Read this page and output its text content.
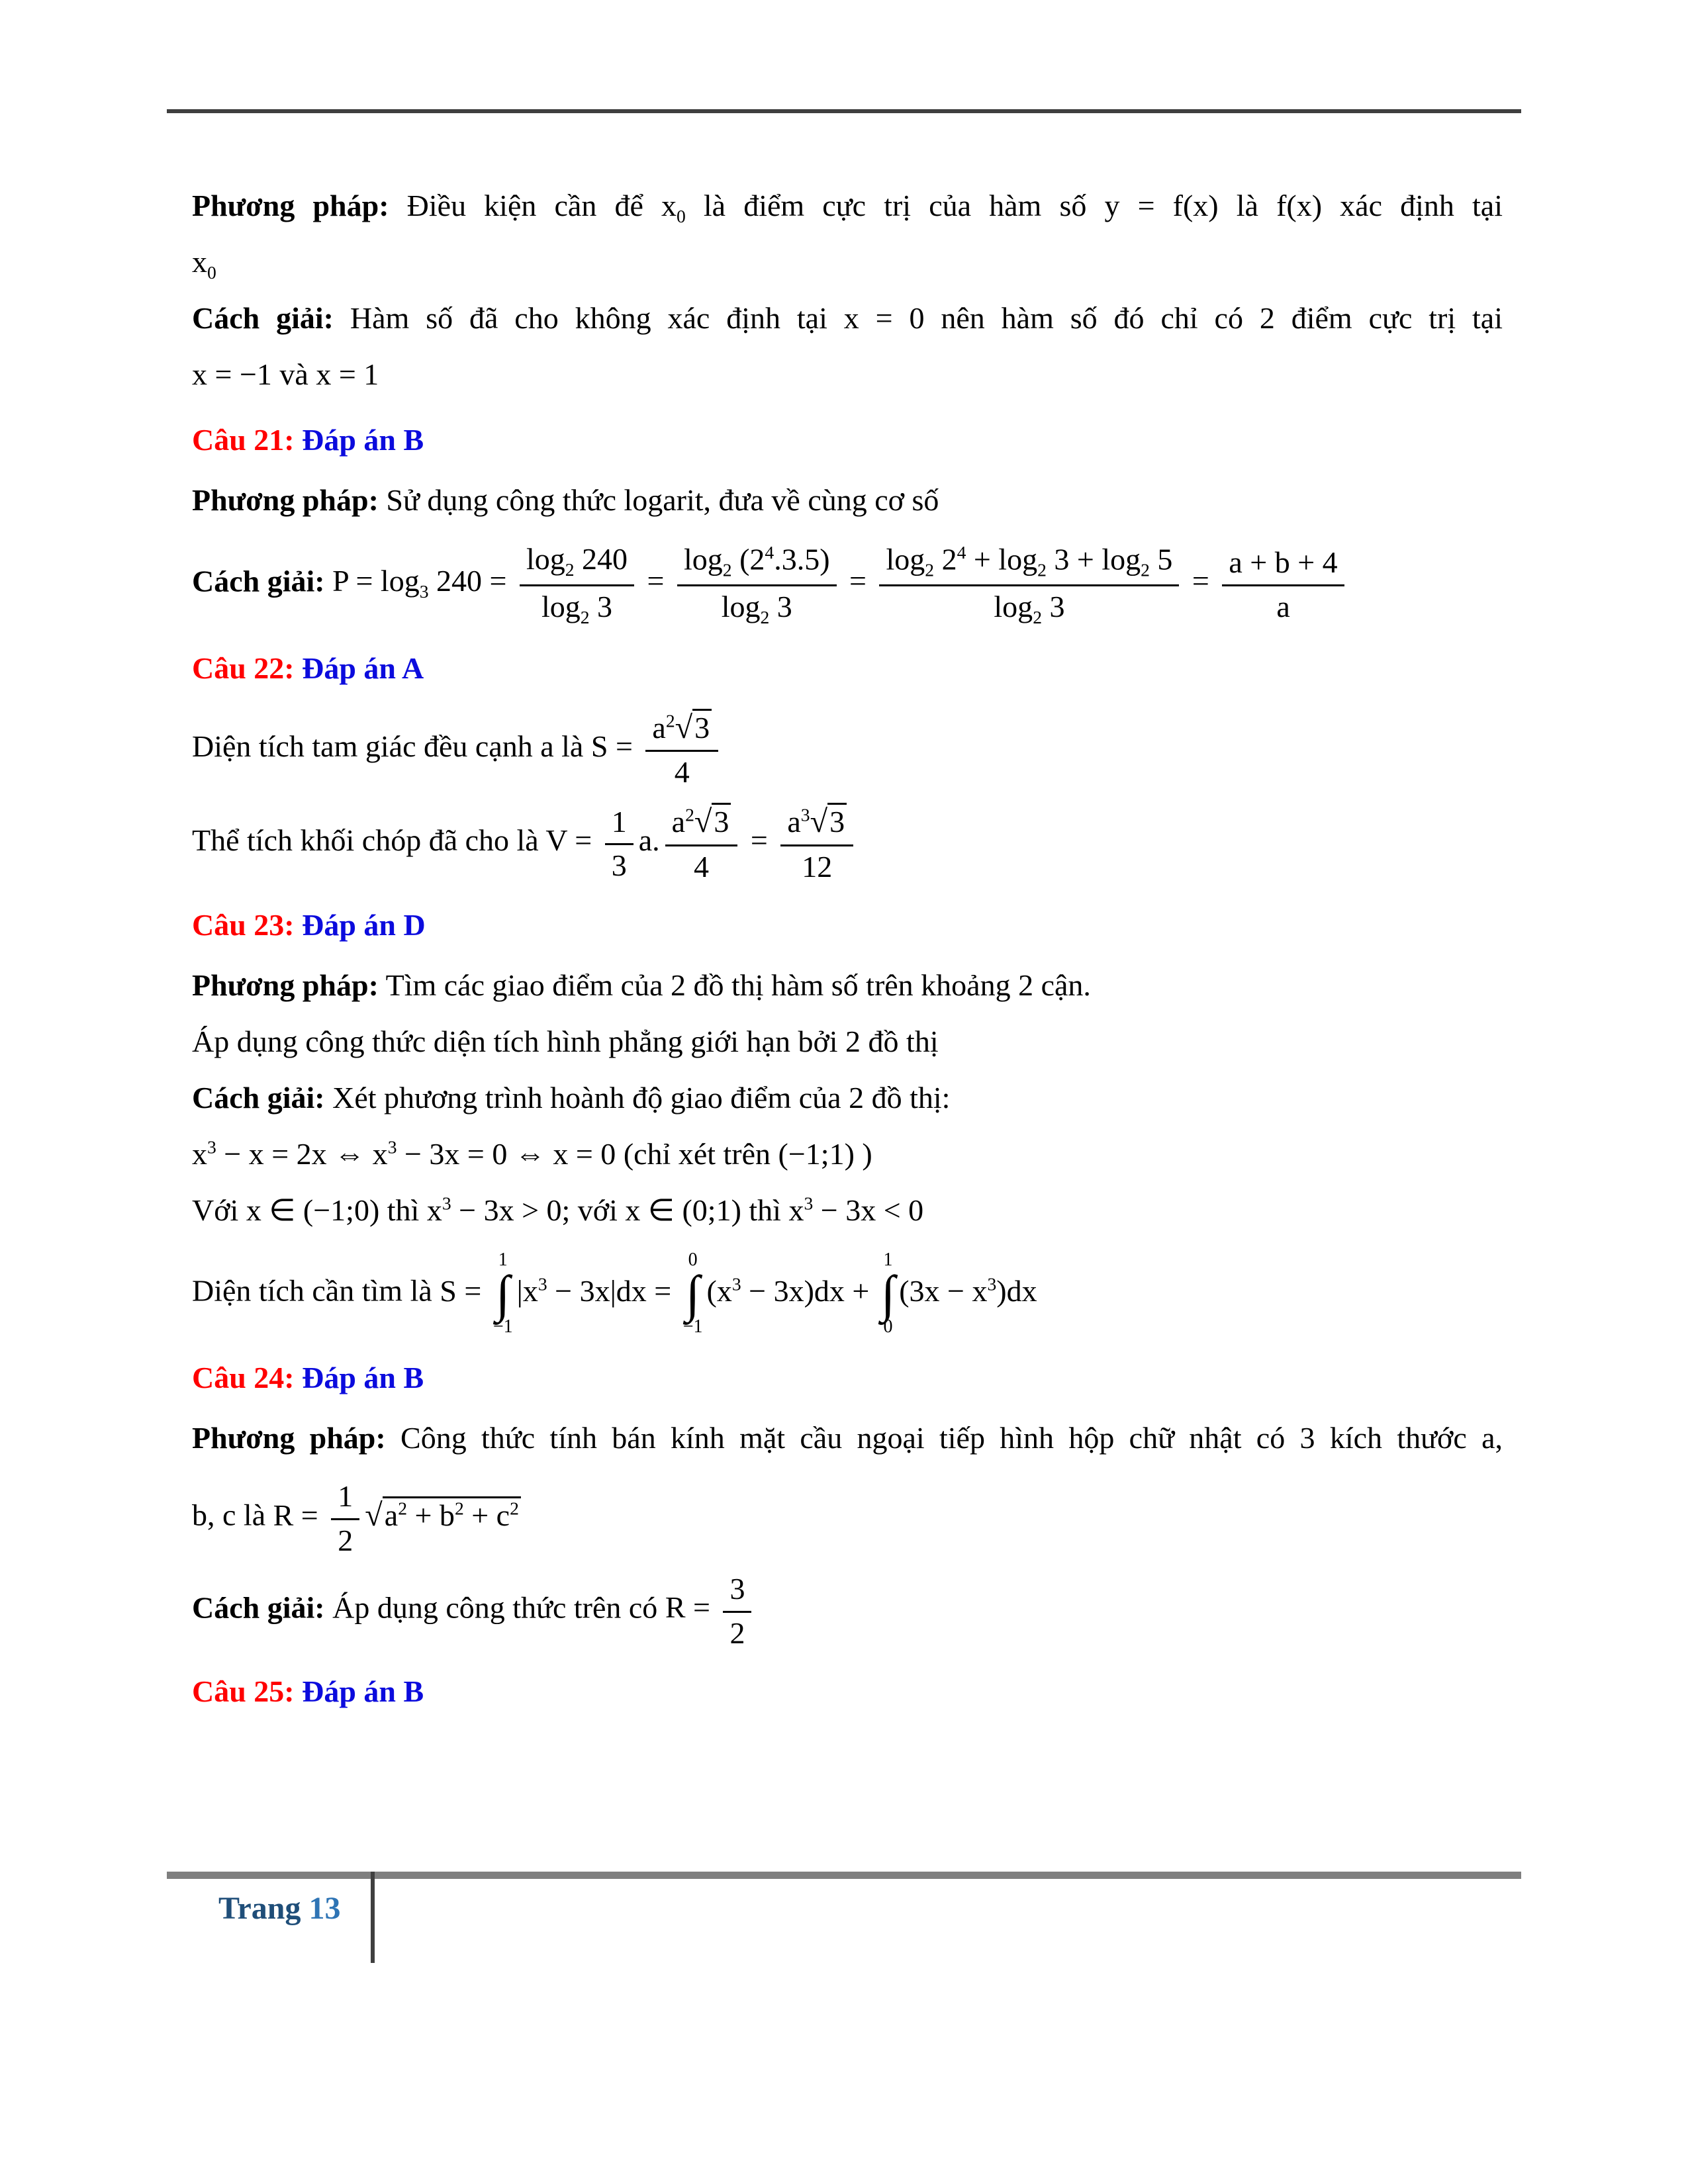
Phương pháp: Điều kiện cần để $x_0$ là điểm cực trị của hàm số y = f(x) là f(x) xác định tại

$x_0$

Cách giải: Hàm số đã cho không xác định tại x = 0 nên hàm số đó chỉ có 2 điểm cực trị tại

x = −1 và x = 1

Câu 21: Đáp án B

Phương pháp: Sử dụng công thức logarit, đưa về cùng cơ số

Cách giải: $P = \log_3 240 = \frac{\log_2 240}{\log_2 3} = \frac{\log_2 (2^4.3.5)}{\log_2 3} = \frac{\log_2 2^4 + \log_2 3 + \log_2 5}{\log_2 3} = \frac{a + b + 4}{a}$

Câu 22: Đáp án A

Diện tích tam giác đều cạnh a là $S = \frac{a^2√3}{4}$

Thể tích khối chóp đã cho là $V = \frac{1}{3} a$. $\frac{a^2√3}{4} = \frac{a^3√3}{12}$

Câu 23: Đáp án D

Phương pháp: Tìm các giao điểm của 2 đồ thị hàm số trên khoảng 2 cận.

Áp dụng công thức diện tích hình phẳng giới hạn bởi 2 đồ thị

Cách giải: Xét phương trình hoành độ giao điểm của 2 đồ thị:

$x^3 - x = 2x$ ⇔ $x^3 - 3x = 0$ ⇔ x = 0 (chỉ xét trên (−1;1) )

Với x ∈ (−1;0) thì $x^3 - 3x > 0$; với x ∈ (0;1) thì $x^3 - 3x < 0$

Diện tích cần tìm là S =
1
∫
−1
$|x^3 - 3x|dx$ =
0
∫
−1
$(x^3 - 3x)dx$ +
1
∫
0
$(3x - x^3)dx$

Câu 24: Đáp án B

Phương pháp: Công thức tính bán kính mặt cầu ngoại tiếp hình hộp chữ nhật có 3 kích thước a,

b, c là $R = \frac{1}{2} √a^2 + b^2 + c^2$

Cách giải: Áp dụng công thức trên có $R = \frac{3}{2}$

Câu 25: Đáp án B

Trang 13
